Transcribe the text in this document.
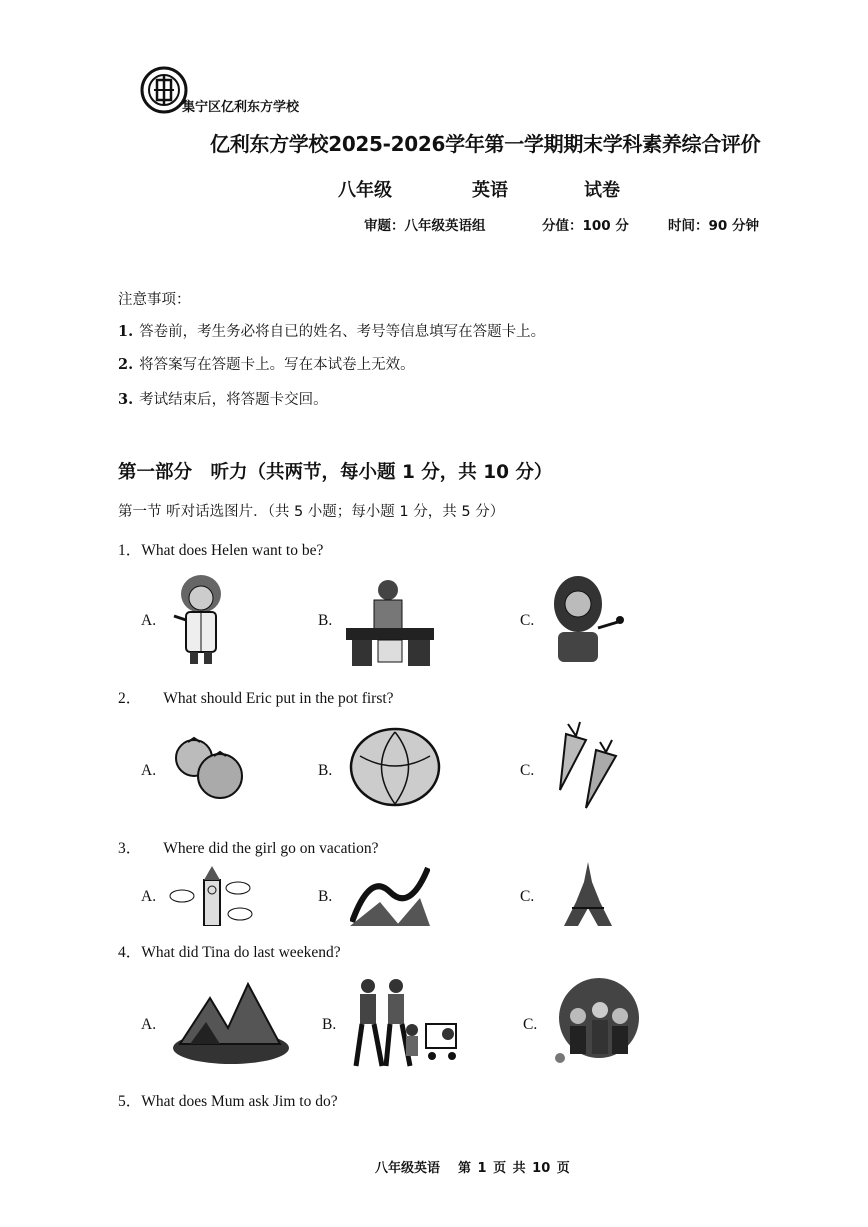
集宁区亿利东方学校
亿利东方学校2025-2026学年第一学期期末学科素养综合评价
八年级	英语	试卷
审题：八年级英语组	分值：100 分	时间：90 分钟
注意事项：
1. 答卷前，考生务必将自已的姓名、考号等信息填写在答题卡上。
2. 将答案写在答题卡上。写在本试卷上无效。
3. 考试结束后，将答题卡交回。
第一部分　听力（共两节，每小题 1 分，共 10 分）
第一节 听对话选图片．（共 5 小题；每小题 1 分，共 5 分）
1．What does Helen want to be?
A.	B.	C.
2． What should Eric put in the pot first?
A.	B.	C.
3． Where did the girl go on vacation?
A.	B.	C.
4．What did Tina do last weekend?
A.	B.	C.
5．What does Mum ask Jim to do?
八年级英语 第 1 页 共 10 页
